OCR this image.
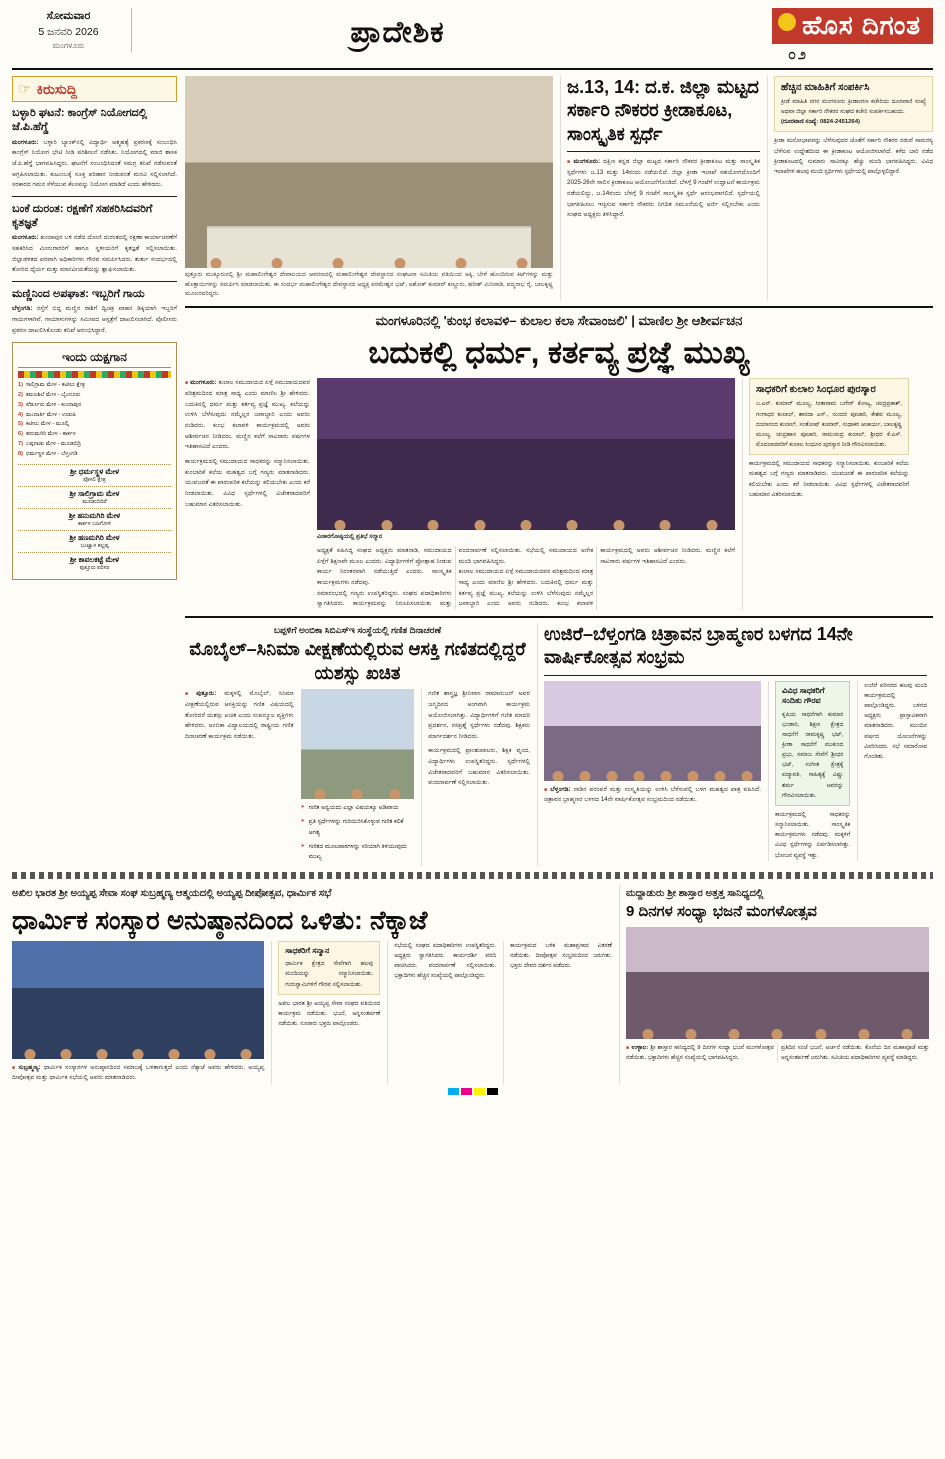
ಸೋಮವಾರ
5 ಜನವರಿ 2026
ಮಂಗಳೂರು	ಪ್ರಾದೇಶಿಕ	ಹೊಸ ದಿಗಂತ
೦೨
☞ ಕಿರುಸುದ್ದಿ
ಬಳ್ಳಾರಿ ಘಟನೆ: ಕಾಂಗ್ರೆಸ್ ನಿಯೋಗದಲ್ಲಿ ಜೆ.ಪಿ.ಹೆಗ್ಡೆ
ಮಂಗಳೂರು: ಬಳ್ಳಾರಿ ಬ್ಯಾಂಕ್‌ನಲ್ಲಿ ವಿದ್ಯಾರ್ಥಿ ಆತ್ಮಹತ್ಯೆ ಪ್ರಕರಣಕ್ಕೆ ಸಂಬಂಧಿಸಿ ಕಾಂಗ್ರೆಸ್ ನಿಯೋಗ ಭೇಟಿ ನೀಡಿ ಪರಿಶೀಲನೆ ನಡೆಸಿತು. ನಿಯೋಗದಲ್ಲಿ ಮಾಜಿ ಶಾಸಕ ಜೆ.ಪಿ.ಹೆಗ್ಡೆ ಭಾಗವಹಿಸಿದ್ದರು. ಘಟನೆಗೆ ಸಂಬಂಧಿಸಿದಂತೆ ಸಮಗ್ರ ತನಿಖೆ ನಡೆಸುವಂತೆ ಆಗ್ರಹಿಸಲಾಯಿತು. ಕುಟುಂಬಕ್ಕೆ ಸೂಕ್ತ ಪರಿಹಾರ ನೀಡುವಂತೆ ಮನವಿ ಸಲ್ಲಿಸಲಾಗಿದೆ. ಸರಕಾರದ ಗಮನ ಸೆಳೆಯುವ ಕೆಲಸವನ್ನು ನಿಯೋಗ ಮಾಡಿದೆ ಎಂದು ಹೇಳಿದರು.
ಬಂಕೆ ದುರಂತ: ರಕ್ಷಣೆಗೆ ಸಹಕರಿಸಿದವರಿಗೆ ಕೃತಜ್ಞತೆ
ಮಂಗಳೂರು: ಕುಂದಾಪುರ ಬಳಿ ನಡೆದ ದೋಣಿ ದುರಂತದಲ್ಲಿ ರಕ್ಷಣಾ ಕಾರ್ಯಾಚರಣೆಗೆ ಸಹಕರಿಸಿದ ಮೀನುಗಾರರಿಗೆ ಹಾಗೂ ಸ್ಥಳೀಯರಿಗೆ ಕೃತಜ್ಞತೆ ಸಲ್ಲಿಸಲಾಯಿತು. ಜಿಲ್ಲಾಡಳಿತದ ಪರವಾಗಿ ಅಧಿಕಾರಿಗಳು ಗೌರವ ಸಮರ್ಪಿಸಿದರು. ತುರ್ತು ಸಂದರ್ಭದಲ್ಲಿ ತೋರಿದ ಧೈರ್ಯ ಮತ್ತು ಮಾನವೀಯತೆಯನ್ನು ಶ್ಲಾಘಿಸಲಾಯಿತು.
ಮಣ್ಣಿನಿಂದ ಅಪಘಾತ: ಇಬ್ಬರಿಗೆ ಗಾಯ
ಬೆಳ್ತಂಗಡಿ: ರಸ್ತೆಗೆ ಬಿದ್ದ ಮಣ್ಣಿನ ರಾಶಿಗೆ ದ್ವಿಚಕ್ರ ವಾಹನ ಡಿಕ್ಕಿಯಾಗಿ ಇಬ್ಬರಿಗೆ ಗಾಯಗಳಾಗಿವೆ. ಗಾಯಾಳುಗಳನ್ನು ಸಮೀಪದ ಆಸ್ಪತ್ರೆಗೆ ದಾಖಲಿಸಲಾಗಿದೆ. ಪೊಲೀಸರು ಪ್ರಕರಣ ದಾಖಲಿಸಿಕೊಂಡು ತನಿಖೆ ಆರಂಭಿಸಿದ್ದಾರೆ.
ಇಂದು ಯಕ್ಷಗಾನ
1) ಸಾಲಿಗ್ರಾಮ ಮೇಳ - ಕಟೀಲು ಕ್ಷೇತ್ರ
2) ಕಮಲಶಿಲೆ ಮೇಳ - ಬೈಂದೂರು
3) ಪೆರ್ಡೂರು ಮೇಳ - ಕುಂದಾಪುರ
4) ಮಂದಾರ್ತಿ ಮೇಳ - ಉಡುಪಿ
5) ಕಟೀಲು ಮೇಳ - ಮೂಲ್ಕಿ
6) ಹನುಮಗಿರಿ ಮೇಳ - ಕಾರ್ಕಳ
7) ಬಪ್ಪನಾಡು ಮೇಳ - ಮೂಡಬಿದ್ರಿ
8) ಧರ್ಮಸ್ಥಳ ಮೇಳ - ಬೆಳ್ತಂಗಡಿ
ಶ್ರೀ ಧರ್ಮಸ್ಥಳ ಮೇಳ
ಪೊಳಲಿ ಕ್ಷೇತ್ರ
ಶ್ರೀ ಸಾಲಿಗ್ರಾಮ ಮೇಳ
ಮೂಡುಬಿದಿರೆ
ಶ್ರೀ ಹನುಮಗಿರಿ ಮೇಳ
ಕಾರ್ಕಳ ಬಜಗೋಳಿ
ಶ್ರೀ ಹಣಮಗಿರಿ ಮೇಳ
ಬಂಟ್ವಾಳ ಕಲ್ಲಡ್ಕ
ಶ್ರೀ ಕಾವಲಕಟ್ಟೆ ಮೇಳ
ಪುತ್ತೂರು ಪರಿಸರ
ಪುತ್ತೂರು ಮುಕ್ಕೂರುನಲ್ಲಿ ಶ್ರೀ ಮಹಾಲಿಂಗೇಶ್ವರ ದೇವಾಲಯದ ಆವರಣದಲ್ಲಿ ಮಹಾಲಿಂಗೇಶ್ವರ ದೇವಸ್ಥಾನದ ಸಂಘಟನಾ ಸಮಿತಿಯ ವತಿಯಿಂದ ಅಕ್ಕಿ, ಬೇಳೆ ಹೊಂದಿರುವ ಕಿಟ್‌ಗಳನ್ನು ಮತ್ತು ಹೊತ್ತಾಯಿಗಳನ್ನು ಸಮರ್ಪಿಸಿ ಮಾಡಲಾಯಿತು. ಈ ಸಂದರ್ಭ ಮಹಾಲಿಂಗೇಶ್ವರ ದೇವಸ್ಥಾನದ ಅಧ್ಯಕ್ಷ ಪರಮೇಶ್ವರ ಭಟ್, ಅಶೋಕ್ ಕುಮಾರ್ ಕಣ್ಣೂರು, ಹರೀಶ್ ಮಿನಿವಾಡಿ, ಪದ್ಮನಾಭ ರೈ, ಬಾಲಕೃಷ್ಣ ಮೂಲರವರಿದ್ದರು.
ಜ.13, 14: ದ.ಕ. ಜಿಲ್ಲಾ ಮಟ್ಟದ ಸರ್ಕಾರಿ ನೌಕರರ ಕ್ರೀಡಾಕೂಟ, ಸಾಂಸ್ಕೃತಿಕ ಸ್ಪರ್ಧೆ
■ ಮಂಗಳೂರು: ದಕ್ಷಿಣ ಕನ್ನಡ ಜಿಲ್ಲಾ ಮಟ್ಟದ ಸರ್ಕಾರಿ ನೌಕರರ ಕ್ರೀಡಾಕೂಟ ಮತ್ತು ಸಾಂಸ್ಕೃತಿಕ ಸ್ಪರ್ಧೆಗಳು ಜ.13 ಮತ್ತು 14ರಂದು ನಡೆಯಲಿದೆ. ಜಿಲ್ಲಾ ಕ್ರೀಡಾ ಇಲಾಖೆ ಸಹಯೋಗದೊಂದಿಗೆ 2025-26ನೇ ಸಾಲಿನ ಕ್ರೀಡಾಕೂಟ ಆಯೋಜನೆಗೊಂಡಿದೆ. ಬೆಳಗ್ಗೆ 9 ಗಂಟೆಗೆ ಉದ್ಘಾಟನೆ ಕಾರ್ಯಕ್ರಮ ನಡೆಯಲಿದ್ದು, ಜ.14ರಂದು ಬೆಳಗ್ಗೆ 9 ಗಂಟೆಗೆ ಸಾಂಸ್ಕೃತಿಕ ಸ್ಪರ್ಧೆ ಆರಂಭವಾಗಲಿದೆ. ಸ್ಪರ್ಧೆಯಲ್ಲಿ ಭಾಗವಹಿಸಲು ಇಚ್ಛಿಸುವ ಸರ್ಕಾರಿ ನೌಕರರು ನಿಗದಿತ ನಮೂನೆಯಲ್ಲಿ ಅರ್ಜಿ ಸಲ್ಲಿಸಬೇಕು ಎಂದು ಸಂಘದ ಅಧ್ಯಕ್ಷರು ತಿಳಿಸಿದ್ದಾರೆ.
ಹೆಚ್ಚಿನ ಮಾಹಿತಿಗೆ ಸಂಪರ್ಕಿಸಿ
ಕ್ರೀಡೆ ಮಾಹಿತಿ ನಗರ ಮಂಗಳೂರು ಕ್ರೀಡಾಂಗಣ ಕಚೇರಿಯ ದೂರವಾಣಿ ಸಂಖ್ಯೆ ಅಥವಾ ಜಿಲ್ಲಾ ಸರ್ಕಾರಿ ನೌಕರರ ಸಂಘದ ಕಚೇರಿ ಸಂಪರ್ಕಿಸಬಹುದು.
(ದೂರವಾಣಿ ಸಂಖ್ಯೆ: 0824-2451264)
ಕ್ರೀಡಾ ಮನೋಭಾವವನ್ನು ಬೆಳೆಸುವುದರ ಜೊತೆಗೆ ಸರ್ಕಾರಿ ನೌಕರರ ನಡುವೆ ಸಾಮರಸ್ಯ ಬೆಳೆಸುವ ಉದ್ದೇಶದಿಂದ ಈ ಕ್ರೀಡಾಕೂಟ ಆಯೋಜಿಸಲಾಗಿದೆ. ಕಳೆದ ಬಾರಿ ನಡೆದ ಕ್ರೀಡಾಕೂಟದಲ್ಲಿ ಸುಮಾರು ಸಾವಿರಕ್ಕೂ ಹೆಚ್ಚು ಮಂದಿ ಭಾಗವಹಿಸಿದ್ದರು. ವಿವಿಧ ಇಲಾಖೆಗಳ ಹಲವು ಮಂದಿ ಸ್ಪರ್ಧಿಗಳು ಸ್ಪರ್ಧೆಯಲ್ಲಿ ಪಾಲ್ಗೊಳ್ಳಲಿದ್ದಾರೆ.
ಮಂಗಳೂರಿನಲ್ಲಿ 'ಕುಂಭ ಕಲಾವಳಿ– ಕುಲಾಲ ಕಲಾ ಸೇವಾಂಜಲಿ' | ಮಾಣಿಲ ಶ್ರೀ ಆಶೀರ್ವಚನ
ಬದುಕಲ್ಲಿ ಧರ್ಮ, ಕರ್ತವ್ಯ ಪ್ರಜ್ಞೆ ಮುಖ್ಯ
■ ಮಂಗಳೂರು: ಕುಲಾಲ ಸಮುದಾಯದ ಏಳ್ಗೆ ಸಮುದಾಯದವರ ಪರಿಶ್ರಮದಿಂದ ಮಾತ್ರ ಸಾಧ್ಯ ಎಂದು ಮಾಣಿಲ ಶ್ರೀ ಹೇಳಿದರು. ಬದುಕಿನಲ್ಲಿ ಧರ್ಮ ಮತ್ತು ಕರ್ತವ್ಯ ಪ್ರಜ್ಞೆ ಮುಖ್ಯ. ಕಲೆಯನ್ನು ಉಳಿಸಿ ಬೆಳೆಸುವುದು ನಮ್ಮೆಲ್ಲರ ಜವಾಬ್ದಾರಿ ಎಂದು ಅವರು ನುಡಿದರು. ಕುಂಭ ಕಲಾವಳಿ ಕಾರ್ಯಕ್ರಮದಲ್ಲಿ ಅವರು ಆಶೀರ್ವಚನ ನೀಡಿದರು. ಮಣ್ಣಿನ ಕಲೆಗೆ ಸಾವಿರಾರು ವರ್ಷಗಳ ಇತಿಹಾಸವಿದೆ ಎಂದರು.
ಕಾರ್ಯಕ್ರಮದಲ್ಲಿ ಸಮುದಾಯದ ಸಾಧಕರನ್ನು ಸನ್ಮಾನಿಸಲಾಯಿತು. ಕುಂಬಾರಿಕೆ ಕಲೆಯ ಮಹತ್ವದ ಬಗ್ಗೆ ಗಣ್ಯರು ಮಾತನಾಡಿದರು. ಯುವಜನತೆ ಈ ಪಾರಂಪರಿಕ ಕಲೆಯನ್ನು ಕಲಿಯಬೇಕು ಎಂದು ಕರೆ ನೀಡಲಾಯಿತು. ವಿವಿಧ ಸ್ಪರ್ಧೆಗಳಲ್ಲಿ ವಿಜೇತರಾದವರಿಗೆ ಬಹುಮಾನ ವಿತರಿಸಲಾಯಿತು.
ವಿಚಾರಗೋಷ್ಠಿಯಲ್ಲಿ ಪ್ರತಿಭೆ ಸನ್ಮಾನ
ಅಧ್ಯಕ್ಷತೆ ವಹಿಸಿದ್ದ ಸಂಘದ ಅಧ್ಯಕ್ಷರು ಮಾತನಾಡಿ, ಸಮುದಾಯದ ಏಳ್ಗೆಗೆ ಶಿಕ್ಷಣವೇ ಮೂಲ ಎಂದರು. ವಿದ್ಯಾರ್ಥಿಗಳಿಗೆ ಪ್ರೋತ್ಸಾಹ ನೀಡುವ ಕಾರ್ಯ ನಿರಂತರವಾಗಿ ನಡೆಯುತ್ತಿದೆ ಎಂದರು. ಸಾಂಸ್ಕೃತಿಕ ಕಾರ್ಯಕ್ರಮಗಳು ನಡೆದವು.
ಸಮಾರಂಭದಲ್ಲಿ ಗಣ್ಯರು ಉಪಸ್ಥಿತರಿದ್ದರು. ಸಂಘದ ಪದಾಧಿಕಾರಿಗಳು ಸ್ವಾಗತಿಸಿದರು. ಕಾರ್ಯಕ್ರಮವನ್ನು ನಿರೂಪಿಸಲಾಯಿತು ಮತ್ತು ವಂದನಾರ್ಪಣೆ ಸಲ್ಲಿಸಲಾಯಿತು. ಸಭೆಯಲ್ಲಿ ಸಮುದಾಯದ ಅನೇಕ ಮಂದಿ ಭಾಗವಹಿಸಿದ್ದರು.
ಕುಲಾಲ ಸಮುದಾಯದ ಏಳ್ಗೆ ಸಮುದಾಯದವರ ಪರಿಶ್ರಮದಿಂದ ಮಾತ್ರ ಸಾಧ್ಯ ಎಂದು ಮಾಣಿಲ ಶ್ರೀ ಹೇಳಿದರು. ಬದುಕಿನಲ್ಲಿ ಧರ್ಮ ಮತ್ತು ಕರ್ತವ್ಯ ಪ್ರಜ್ಞೆ ಮುಖ್ಯ. ಕಲೆಯನ್ನು ಉಳಿಸಿ ಬೆಳೆಸುವುದು ನಮ್ಮೆಲ್ಲರ ಜವಾಬ್ದಾರಿ ಎಂದು ಅವರು ನುಡಿದರು. ಕುಂಭ ಕಲಾವಳಿ ಕಾರ್ಯಕ್ರಮದಲ್ಲಿ ಅವರು ಆಶೀರ್ವಚನ ನೀಡಿದರು. ಮಣ್ಣಿನ ಕಲೆಗೆ ಸಾವಿರಾರು ವರ್ಷಗಳ ಇತಿಹಾಸವಿದೆ ಎಂದರು.
ಸಾಧಕರಿಗೆ ಕುಲಾಲ ಸಿಂಧೂರ ಪುರಸ್ಕಾರ
ಬ.ಎಸ್. ಕುಮಾರ್ ಮೂಲ್ಯ, ಸೀತಾರಾಮ ಬಗೇರ್ ಕೋಟ್ಯ, ಚಂದ್ರಪ್ರಕಾಶ್, ಗಂಗಾಧರ ಕುಲಾಲ್, ಶಾರದಾ ಎಸ್., ಸುಂದರ ಪೂಜಾರಿ, ಕೇಶವ ಮೂಲ್ಯ, ದಯಾನಂದ ಕುಲಾಲ್, ಸಂತೋಷ್ ಕುಮಾರ್, ಸುಧಾಕರ ಆಚಾರ್ಯ, ಬಾಲಕೃಷ್ಣ ಮೂಲ್ಯ, ಚಂದ್ರಹಾಸ ಪೂಜಾರಿ, ರಾಮಚಂದ್ರ ಕುಲಾಲ್, ಶ್ರೀಧರ ಕೆ.ಎಸ್. ಮೊದಲಾದವರಿಗೆ ಕುಲಾಲ ಸಿಂಧೂರ ಪುರಸ್ಕಾರ ನೀಡಿ ಗೌರವಿಸಲಾಯಿತು.
ಕಾರ್ಯಕ್ರಮದಲ್ಲಿ ಸಮುದಾಯದ ಸಾಧಕರನ್ನು ಸನ್ಮಾನಿಸಲಾಯಿತು. ಕುಂಬಾರಿಕೆ ಕಲೆಯ ಮಹತ್ವದ ಬಗ್ಗೆ ಗಣ್ಯರು ಮಾತನಾಡಿದರು. ಯುವಜನತೆ ಈ ಪಾರಂಪರಿಕ ಕಲೆಯನ್ನು ಕಲಿಯಬೇಕು ಎಂದು ಕರೆ ನೀಡಲಾಯಿತು. ವಿವಿಧ ಸ್ಪರ್ಧೆಗಳಲ್ಲಿ ವಿಜೇತರಾದವರಿಗೆ ಬಹುಮಾನ ವಿತರಿಸಲಾಯಿತು.
ಬಪ್ಪಳಿಗೆ ಅಂಬಿಕಾ ಸಿಬಿಎಸ್‌ಇ ಸಂಸ್ಥೆಯಲ್ಲಿ ಗಣಿತ ದಿನಾಚರಣೆ
ಮೊಬೈಲ್–ಸಿನಿಮಾ ವೀಕ್ಷಣೆಯಲ್ಲಿರುವ ಆಸಕ್ತಿ ಗಣಿತದಲ್ಲಿದ್ದರೆ ಯಶಸ್ಸು ಖಚಿತ
■ ಪುತ್ತೂರು: ಮಕ್ಕಳಲ್ಲಿ ಮೊಬೈಲ್, ಸಿನಿಮಾ ವೀಕ್ಷಣೆಯಲ್ಲಿರುವ ಆಸಕ್ತಿಯನ್ನು ಗಣಿತ ವಿಷಯದಲ್ಲಿ ತೋರಿದರೆ ಯಶಸ್ಸು ಖಚಿತ ಎಂದು ಸಂಪನ್ಮೂಲ ವ್ಯಕ್ತಿಗಳು ಹೇಳಿದರು. ಅಂಬಿಕಾ ವಿದ್ಯಾಲಯದಲ್ಲಿ ರಾಷ್ಟ್ರೀಯ ಗಣಿತ ದಿನಾಚರಣೆ ಕಾರ್ಯಕ್ರಮ ನಡೆಯಿತು.
➤ ಗಣಿತ ಅನ್ವಯದು ಎಲ್ಲಾ ವಿಷಯಕ್ಕೂ ಅಡಿಪಾಯ
➤ ಪ್ರತಿ ಸ್ಪರ್ಧೆಗಳನ್ನು ಗುರಿಯಿರಿಸಿಕೊಳ್ಳುವ ಗಣಿತ ಕಲಿಕೆ ಅಗತ್ಯ
➤ ಗಣಿತದ ಮೂಲಪಾಠಗಳನ್ನು ಸರಿಯಾಗಿ ತಿಳಿಯುವುದು ಮುಖ್ಯ
ಗಣಿತ ಶಾಸ್ತ್ರಜ್ಞ ಶ್ರೀನಿವಾಸ ರಾಮಾನುಜನ್ ಅವರ ಜನ್ಮದಿನದ ಅಂಗವಾಗಿ ಕಾರ್ಯಕ್ರಮ ಆಯೋಜಿಸಲಾಗಿತ್ತು. ವಿದ್ಯಾರ್ಥಿಗಳಿಗೆ ಗಣಿತ ಮಾದರಿ ಪ್ರದರ್ಶನ, ರಸಪ್ರಶ್ನೆ ಸ್ಪರ್ಧೆಗಳು ನಡೆದವು. ಶಿಕ್ಷಕರು ಮಾರ್ಗದರ್ಶನ ನೀಡಿದರು.
ಕಾರ್ಯಕ್ರಮದಲ್ಲಿ ಪ್ರಾಂಶುಪಾಲರು, ಶಿಕ್ಷಕ ವೃಂದ, ವಿದ್ಯಾರ್ಥಿಗಳು ಉಪಸ್ಥಿತರಿದ್ದರು. ಸ್ಪರ್ಧೆಗಳಲ್ಲಿ ವಿಜೇತರಾದವರಿಗೆ ಬಹುಮಾನ ವಿತರಿಸಲಾಯಿತು. ವಂದನಾರ್ಪಣೆ ಸಲ್ಲಿಸಲಾಯಿತು.
ಉಜಿರೆ–ಬೆಳ್ತಂಗಡಿ ಚಿತ್ರಾವನ ಬ್ರಾಹ್ಮಣರ ಬಳಗದ 14ನೇ ವಾರ್ಷಿಕೋತ್ಸವ ಸಂಭ್ರಮ
■ ಬೆಳ್ತಂಗಡಿ: ನಾಡಿನ ಪರಂಪರೆ ಮತ್ತು ಸಂಸ್ಕೃತಿಯನ್ನು ಉಳಿಸಿ ಬೆಳೆಸುವಲ್ಲಿ ಬಳಗ ಮಹತ್ವದ ಪಾತ್ರ ವಹಿಸಿದೆ. ಚಿತ್ರಾವನ ಬ್ರಾಹ್ಮಣರ ಬಳಗದ 14ನೇ ವಾರ್ಷಿಕೋತ್ಸವ ಸಂಭ್ರಮದಿಂದ ನಡೆಯಿತು.
ವಿವಿಧ ಸಾಧಕರಿಗೆ ಸಂದಿತು ಗೌರವ
ಕೃಷಿಯ ಸಾಧನೆಗಾಗಿ ಕುಮಾರ ಭಂಡಾರಿ, ಶಿಕ್ಷಣ ಕ್ಷೇತ್ರದ ಸಾಧನೆಗೆ ರಾಮಕೃಷ್ಣ ಭಟ್, ಕ್ರೀಡಾ ಸಾಧನೆಗೆ ಮುಕುಂದ ಪ್ರಭು, ಸಮಾಜ ಸೇವೆಗೆ ಶ್ರೀಧರ ಭಟ್, ಸಂಗೀತ ಕ್ಷೇತ್ರಕ್ಕೆ ಪದ್ಮಾವತಿ, ಸಾಹಿತ್ಯಕ್ಕೆ ವಿಷ್ಣು ಶರ್ಮ ಅವರನ್ನು ಗೌರವಿಸಲಾಯಿತು.
ಕಾರ್ಯಕ್ರಮದಲ್ಲಿ ಸಾಧಕರನ್ನು ಸನ್ಮಾನಿಸಲಾಯಿತು. ಸಾಂಸ್ಕೃತಿಕ ಕಾರ್ಯಕ್ರಮಗಳು ನಡೆದವು. ಮಕ್ಕಳಿಗೆ ವಿವಿಧ ಸ್ಪರ್ಧೆಗಳನ್ನು ಏರ್ಪಡಿಸಲಾಗಿತ್ತು. ಭೋಜನ ವ್ಯವಸ್ಥೆ ಇತ್ತು.
ಉಜಿರೆ ಪರಿಸರದ ಹಲವು ಮಂದಿ ಕಾರ್ಯಕ್ರಮದಲ್ಲಿ ಪಾಲ್ಗೊಂಡಿದ್ದರು. ಬಳಗದ ಅಧ್ಯಕ್ಷರು ಪ್ರಾಸ್ತಾವಿಕವಾಗಿ ಮಾತನಾಡಿದರು. ಮುಂದಿನ ವರ್ಷದ ಯೋಜನೆಗಳನ್ನು ವಿವರಿಸಿದರು. ಸಭೆ ಸಮಾರೋಪ ಗೊಂಡಿತು.
ಅಖಿಲ ಭಾರತ ಶ್ರೀ ಅಯ್ಯಪ್ಪ ಸೇವಾ ಸಂಘ ಸುಬ್ರಹ್ಮಣ್ಯ ಆತ್ಮಯದಲ್ಲಿ ಅಯ್ಯಪ್ಪ ದೀಪೋತ್ಸವ, ಧಾರ್ಮಿಕ ಸಭೆ
ಧಾರ್ಮಿಕ ಸಂಸ್ಕಾರ ಅನುಷ್ಠಾನದಿಂದ ಒಳಿತು: ನೆಕ್ಕಾಜೆ
■ ಸುಬ್ರಹ್ಮಣ್ಯ: ಧಾರ್ಮಿಕ ಸಂಸ್ಕಾರಗಳ ಅನುಷ್ಠಾನದಿಂದ ಸಮಾಜಕ್ಕೆ ಒಳಿತಾಗುತ್ತದೆ ಎಂದು ನೆಕ್ಕಾಜೆ ಅವರು ಹೇಳಿದರು. ಅಯ್ಯಪ್ಪ ದೀಪೋತ್ಸವ ಮತ್ತು ಧಾರ್ಮಿಕ ಸಭೆಯಲ್ಲಿ ಅವರು ಮಾತನಾಡಿದರು.
ಸಾಧಕರಿಗೆ ಸನ್ಮಾನ
ಧಾರ್ಮಿಕ ಕ್ಷೇತ್ರದ ಸೇವೆಗಾಗಿ ಹಲವು ಮಂದಿಯನ್ನು ಸನ್ಮಾನಿಸಲಾಯಿತು. ಗುರುಸ್ವಾಮಿಗಳಿಗೆ ಗೌರವ ಸಲ್ಲಿಸಲಾಯಿತು.
ಅಖಿಲ ಭಾರತ ಶ್ರೀ ಅಯ್ಯಪ್ಪ ಸೇವಾ ಸಂಘದ ವತಿಯಿಂದ ಕಾರ್ಯಕ್ರಮ ನಡೆಯಿತು. ಭಜನೆ, ಅನ್ನಸಂತರ್ಪಣೆ ನಡೆಯಿತು. ನೂರಾರು ಭಕ್ತರು ಪಾಲ್ಗೊಂಡರು.
ಸಭೆಯಲ್ಲಿ ಸಂಘದ ಪದಾಧಿಕಾರಿಗಳು ಉಪಸ್ಥಿತರಿದ್ದರು. ಅಧ್ಯಕ್ಷರು ಸ್ವಾಗತಿಸಿದರು. ಕಾರ್ಯದರ್ಶಿ ವರದಿ ವಾಚಿಸಿದರು. ವಂದನಾರ್ಪಣೆ ಸಲ್ಲಿಸಲಾಯಿತು. ಭಕ್ತಾದಿಗಳು ಹೆಚ್ಚಿನ ಸಂಖ್ಯೆಯಲ್ಲಿ ಪಾಲ್ಗೊಂಡಿದ್ದರು.
ಕಾರ್ಯಕ್ರಮದ ಬಳಿಕ ಮಹಾಪ್ರಸಾದ ವಿತರಣೆ ನಡೆಯಿತು. ದೀಪೋತ್ಸವ ಸಂಭ್ರಮದಿಂದ ಜರುಗಿತು. ಭಕ್ತರು ದೇವರ ದರ್ಶನ ಪಡೆದರು.
ಮದ್ದಾಡುರು ಶ್ರೀ ಶಾಸ್ತಾರ ಅತ್ತತ್ತ ಸಾನಿಧ್ಯದಲ್ಲಿ
9 ದಿನಗಳ ಸಂಧ್ಯಾ ಭಜನೆ ಮಂಗಳೋತ್ಸವ
■ ಉಳ್ಳಾಲ: ಶ್ರೀ ಶಾಸ್ತಾರ ಸಾನಿಧ್ಯದಲ್ಲಿ 9 ದಿನಗಳ ಸಂಧ್ಯಾ ಭಜನೆ ಮಂಗಳೋತ್ಸವ ನಡೆಯಿತು. ಭಕ್ತಾದಿಗಳು ಹೆಚ್ಚಿನ ಸಂಖ್ಯೆಯಲ್ಲಿ ಭಾಗವಹಿಸಿದ್ದರು.
ಪ್ರತಿದಿನ ಸಂಜೆ ಭಜನೆ, ಅರ್ಚನೆ ನಡೆಯಿತು. ಕೊನೆಯ ದಿನ ಮಹಾಪೂಜೆ ಮತ್ತು ಅನ್ನಸಂತರ್ಪಣೆ ಜರುಗಿತು. ಸಮಿತಿಯ ಪದಾಧಿಕಾರಿಗಳು ವ್ಯವಸ್ಥೆ ಮಾಡಿದ್ದರು.
